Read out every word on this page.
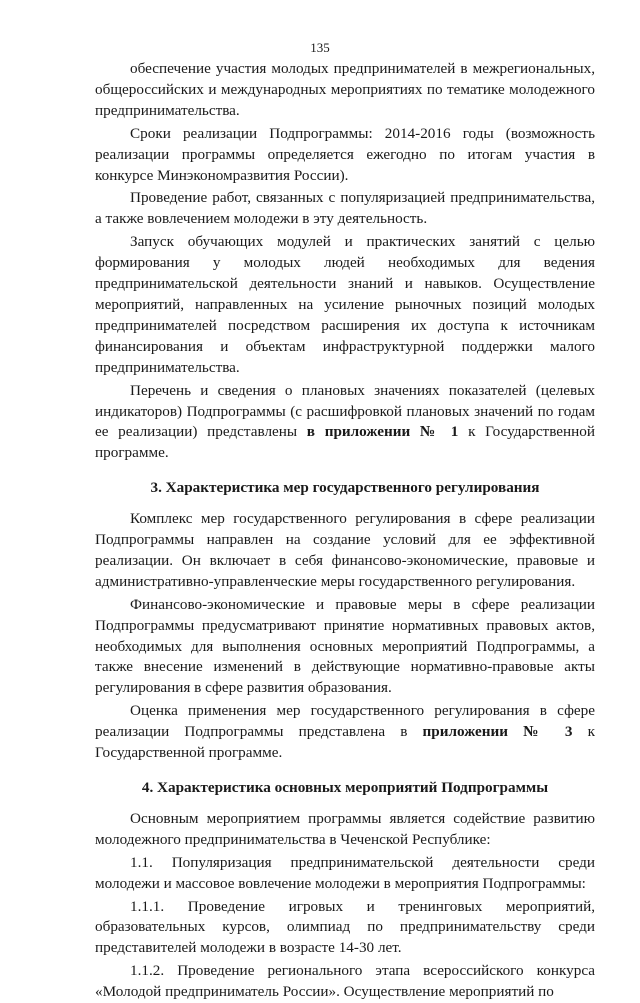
135

обеспечение участия молодых предпринимателей в межрегиональных, общероссийских и международных мероприятиях по тематике молодежного предпринимательства.

Сроки реализации Подпрограммы: 2014-2016 годы (возможность реализации программы определяется ежегодно по итогам участия в конкурсе Минэкономразвития России).

Проведение работ, связанных с популяризацией предпринимательства, а также вовлечением молодежи в эту деятельность.

Запуск обучающих модулей и практических занятий с целью формирования у молодых людей необходимых для ведения предпринимательской деятельности знаний и навыков. Осуществление мероприятий, направленных на усиление рыночных позиций молодых предпринимателей посредством расширения их доступа к источникам финансирования и объектам инфраструктурной поддержки малого предпринимательства.

Перечень и сведения о плановых значениях показателей (целевых индикаторов) Подпрограммы (с расшифровкой плановых значений по годам ее реализации) представлены в приложении № 1 к Государственной программе.

3. Характеристика мер государственного регулирования

Комплекс мер государственного регулирования в сфере реализации Подпрограммы направлен на создание условий для ее эффективной реализации. Он включает в себя финансово-экономические, правовые и административно-управленческие меры государственного регулирования.

Финансово-экономические и правовые меры в сфере реализации Подпрограммы предусматривают принятие нормативных правовых актов, необходимых для выполнения основных мероприятий Подпрограммы, а также внесение изменений в действующие нормативно-правовые акты регулирования в сфере развития образования.

Оценка применения мер государственного регулирования в сфере реализации Подпрограммы представлена в приложении № 3 к Государственной программе.

4. Характеристика основных мероприятий Подпрограммы

Основным мероприятием программы является содействие развитию молодежного предпринимательства в Чеченской Республике:

1.1. Популяризация предпринимательской деятельности среди молодежи и массовое вовлечение молодежи в мероприятия Подпрограммы:

1.1.1. Проведение игровых и тренинговых мероприятий, образовательных курсов, олимпиад по предпринимательству среди представителей молодежи в возрасте 14-30 лет.

1.1.2. Проведение регионального этапа всероссийского конкурса «Молодой предприниматель России». Осуществление мероприятий по
